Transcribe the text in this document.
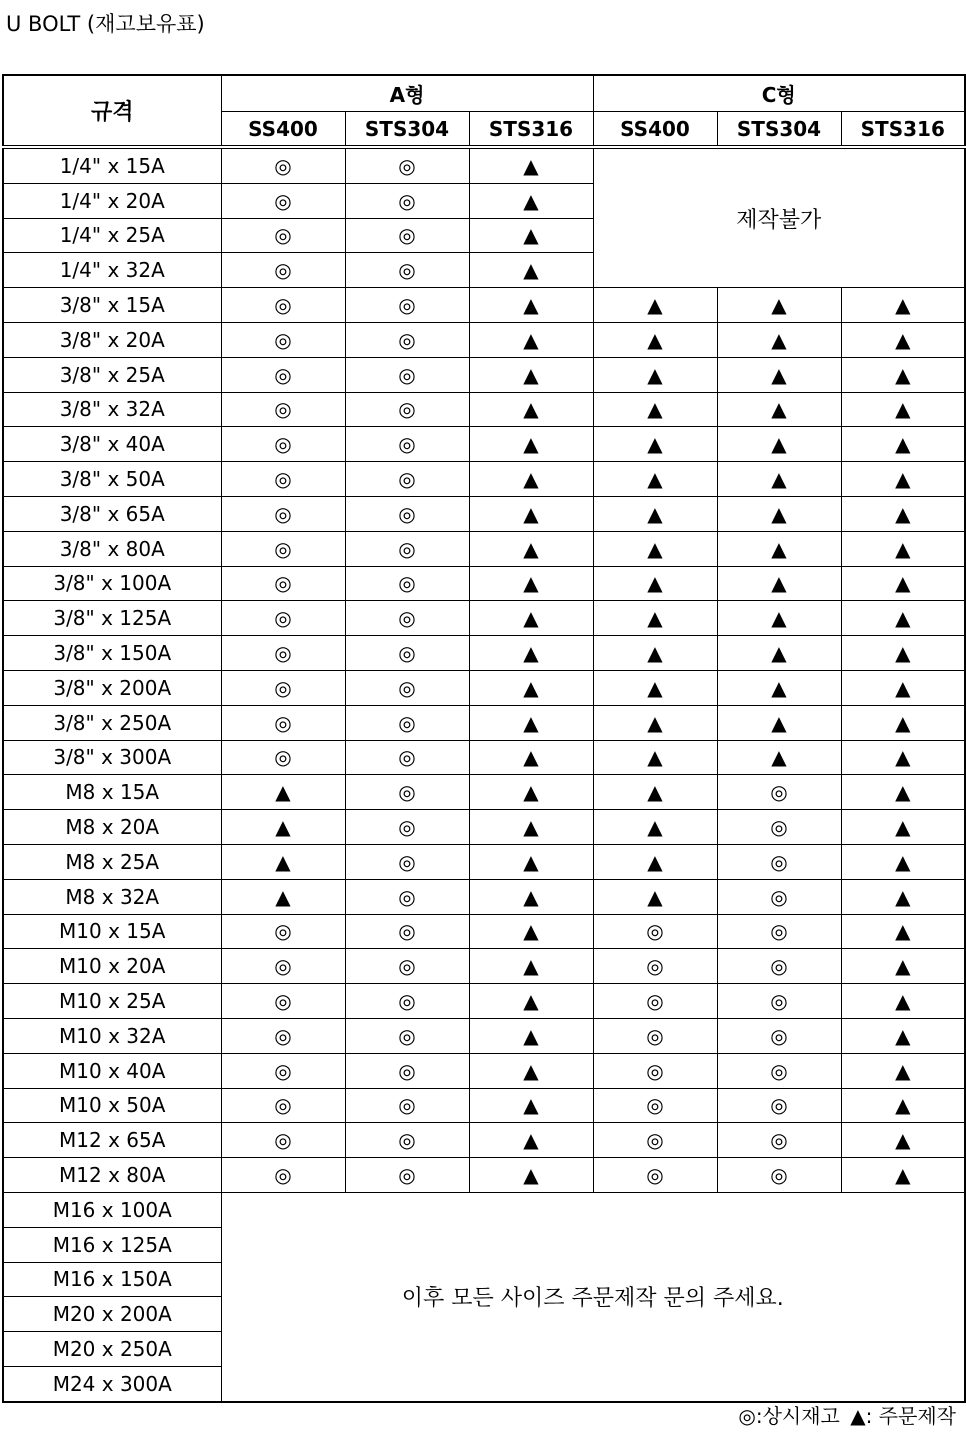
U BOLT (재고보유표)
규격	A형			C형		
	SS400	STS304	STS316	SS400	STS304	STS316
1/4" x 15A	◎	◎	▲	제작불가		
1/4" x 20A	◎	◎	▲			
1/4" x 25A	◎	◎	▲			
1/4" x 32A	◎	◎	▲			
3/8" x 15A	◎	◎	▲	▲	▲	▲
3/8" x 20A	◎	◎	▲	▲	▲	▲
3/8" x 25A	◎	◎	▲	▲	▲	▲
3/8" x 32A	◎	◎	▲	▲	▲	▲
3/8" x 40A	◎	◎	▲	▲	▲	▲
3/8" x 50A	◎	◎	▲	▲	▲	▲
3/8" x 65A	◎	◎	▲	▲	▲	▲
3/8" x 80A	◎	◎	▲	▲	▲	▲
3/8" x 100A	◎	◎	▲	▲	▲	▲
3/8" x 125A	◎	◎	▲	▲	▲	▲
3/8" x 150A	◎	◎	▲	▲	▲	▲
3/8" x 200A	◎	◎	▲	▲	▲	▲
3/8" x 250A	◎	◎	▲	▲	▲	▲
3/8" x 300A	◎	◎	▲	▲	▲	▲
M8 x 15A	▲	◎	▲	▲	◎	▲
M8 x 20A	▲	◎	▲	▲	◎	▲
M8 x 25A	▲	◎	▲	▲	◎	▲
M8 x 32A	▲	◎	▲	▲	◎	▲
M10 x 15A	◎	◎	▲	◎	◎	▲
M10 x 20A	◎	◎	▲	◎	◎	▲
M10 x 25A	◎	◎	▲	◎	◎	▲
M10 x 32A	◎	◎	▲	◎	◎	▲
M10 x 40A	◎	◎	▲	◎	◎	▲
M10 x 50A	◎	◎	▲	◎	◎	▲
M12 x 65A	◎	◎	▲	◎	◎	▲
M12 x 80A	◎	◎	▲	◎	◎	▲
M16 x 100A	이후 모든 사이즈 주문제작 문의 주세요.					
M16 x 125A						
M16 x 150A						
M20 x 200A						
M20 x 250A						
M24 x 300A						
◎:상시재고 ▲: 주문제작
